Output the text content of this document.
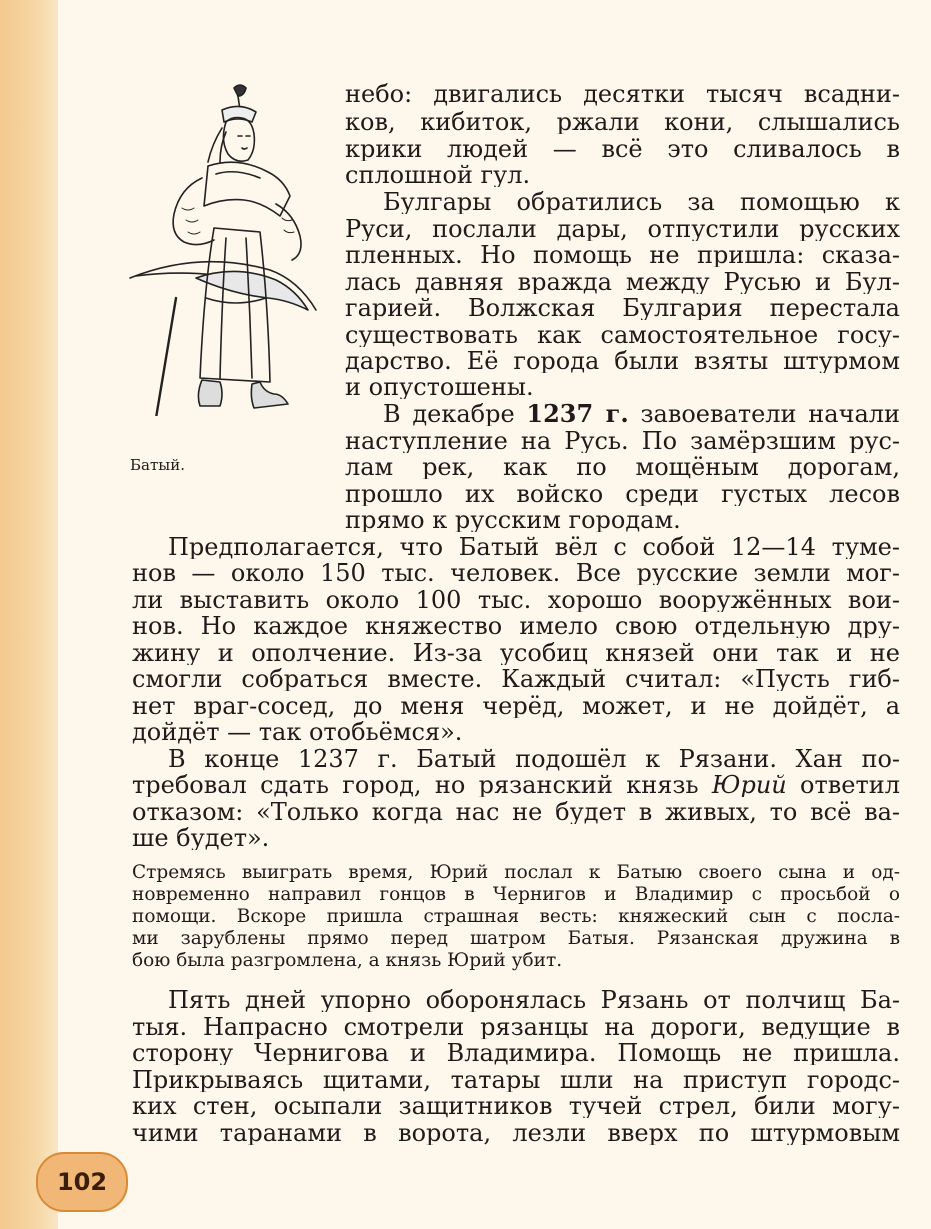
Батый.
небо: двигались десятки тысяч всадни-
ков, кибиток, ржали кони, слышались
крики людей — всё это сливалось в
сплошной гул.
Булгары обратились за помощью к
Руси, послали дары, отпустили русских
пленных. Но помощь не пришла: сказа-
лась давняя вражда между Русью и Бул-
гарией. Волжская Булгария перестала
существовать как самостоятельное госу-
дарство. Её города были взяты штурмом
и опустошены.
В декабре 1237 г. завоеватели начали
наступление на Русь. По замёрзшим рус-
лам рек, как по мощёным дорогам,
прошло их войско среди густых лесов
прямо к русским городам.
Предполагается, что Батый вёл с собой 12—14 туме-
нов — около 150 тыс. человек. Все русские земли мог-
ли выставить около 100 тыс. хорошо вооружённых вои-
нов. Но каждое княжество имело свою отдельную дру-
жину и ополчение. Из-за усобиц князей они так и не
смогли собраться вместе. Каждый считал: «Пусть гиб-
нет враг-сосед, до меня черёд, может, и не дойдёт, а
дойдёт — так отобьёмся».
В конце 1237 г. Батый подошёл к Рязани. Хан по-
требовал сдать город, но рязанский князь Юрий ответил
отказом: «Только когда нас не будет в живых, то всё ва-
ше будет».
Стремясь выиграть время, Юрий послал к Батыю своего сына и од-
новременно направил гонцов в Чернигов и Владимир с просьбой о
помощи. Вскоре пришла страшная весть: княжеский сын с посла-
ми зарублены прямо перед шатром Батыя. Рязанская дружина в
бою была разгромлена, а князь Юрий убит.
Пять дней упорно оборонялась Рязань от полчищ Ба-
тыя. Напрасно смотрели рязанцы на дороги, ведущие в
сторону Чернигова и Владимира. Помощь не пришла.
Прикрываясь щитами, татары шли на приступ городс-
ких стен, осыпали защитников тучей стрел, били могу-
чими таранами в ворота, лезли вверх по штурмовым
102
